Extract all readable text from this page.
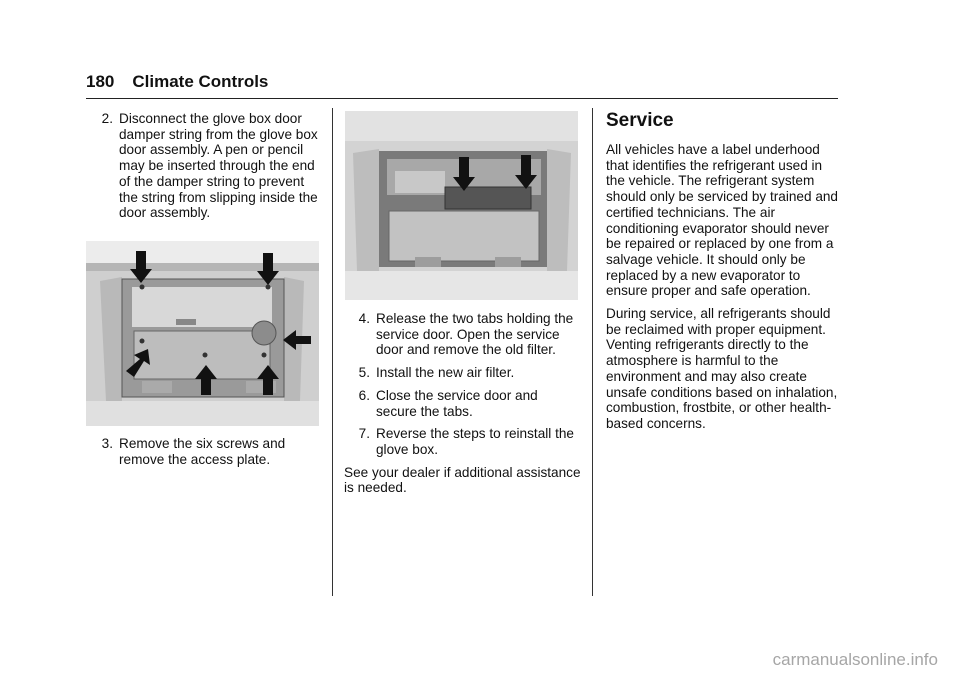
180 Climate Controls
2. Disconnect the glove box door damper string from the glove box door assembly. A pen or pencil may be inserted through the end of the damper string to prevent the string from slipping inside the door assembly.
3. Remove the six screws and remove the access plate.
4. Release the two tabs holding the service door. Open the service door and remove the old filter.
5. Install the new air filter.
6. Close the service door and secure the tabs.
7. Reverse the steps to reinstall the glove box.

See your dealer if additional assistance is needed.

Service

All vehicles have a label underhood that identifies the refrigerant used in the vehicle. The refrigerant system should only be serviced by trained and certified technicians. The air conditioning evaporator should never be repaired or replaced by one from a salvage vehicle. It should only be replaced by a new evaporator to ensure proper and safe operation.

During service, all refrigerants should be reclaimed with proper equipment. Venting refrigerants directly to the atmosphere is harmful to the environment and may also create unsafe conditions based on inhalation, combustion, frostbite, or other health-based concerns.

carmanualsonline.info
